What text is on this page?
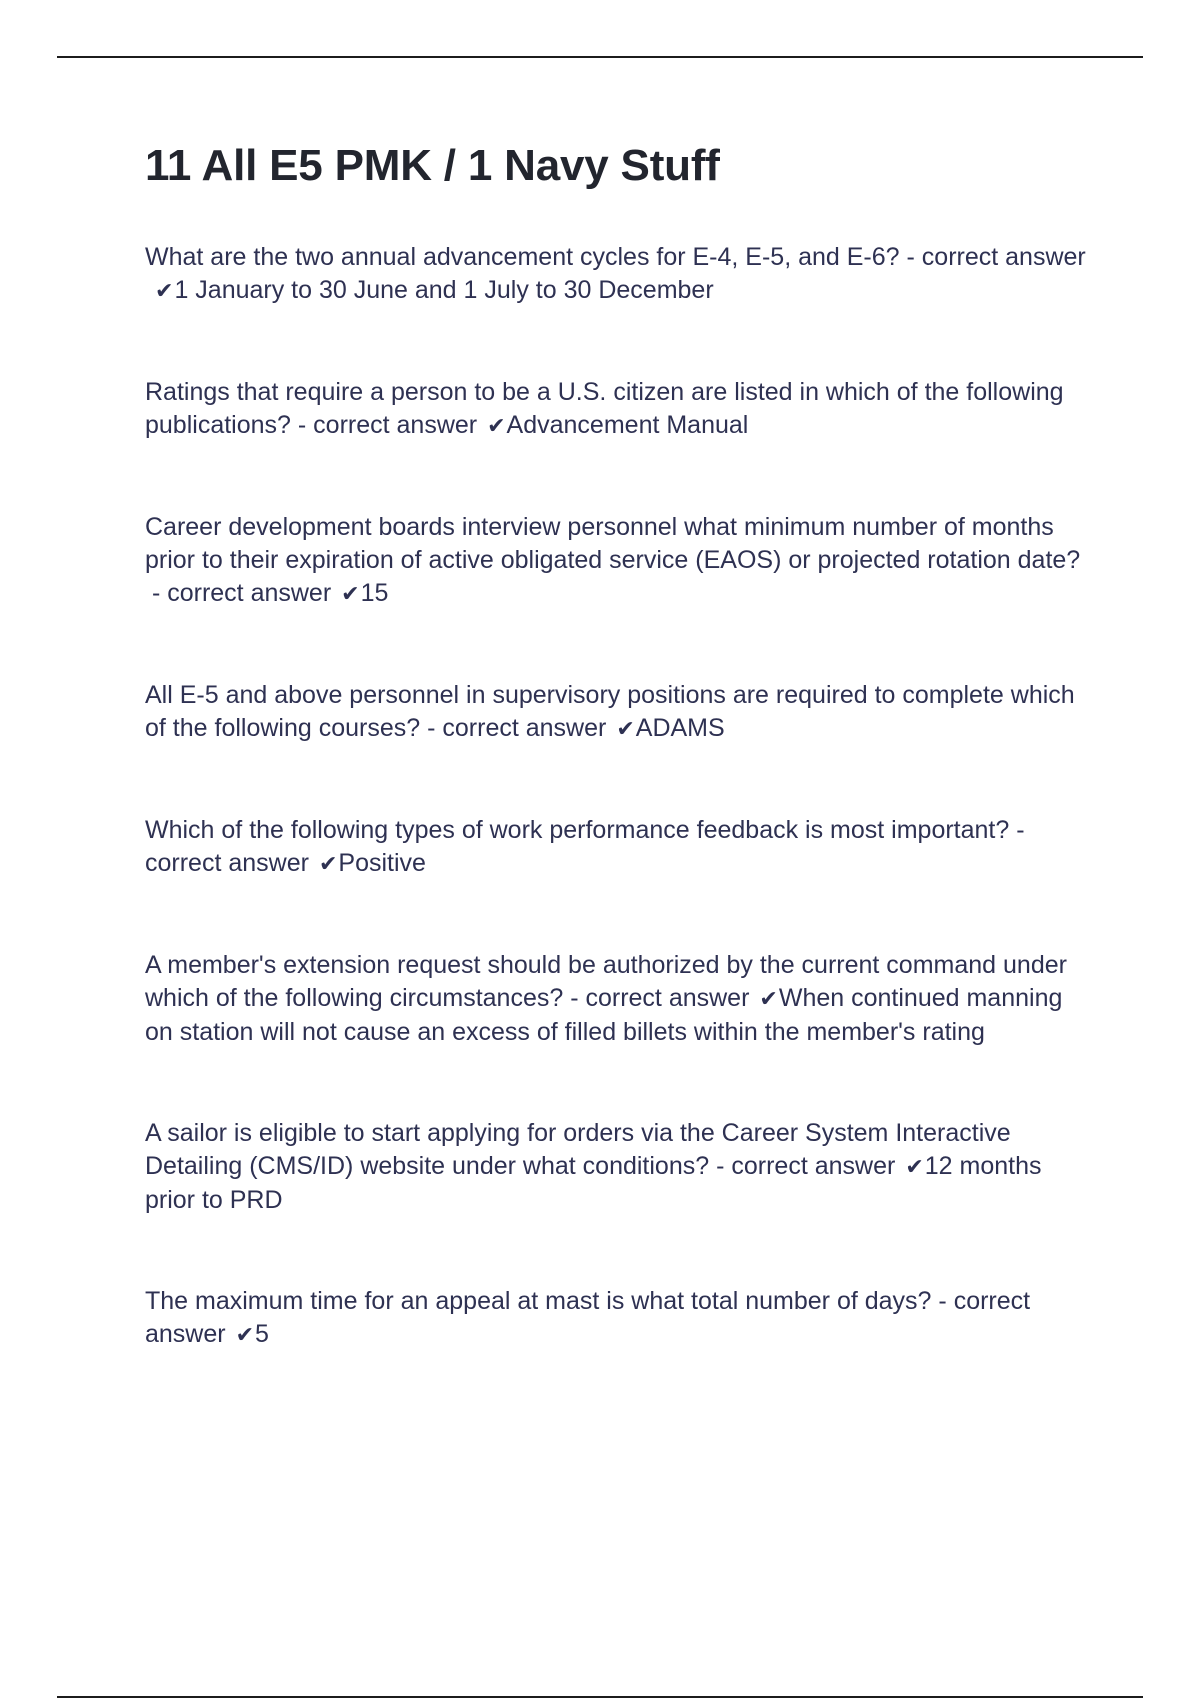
11 All E5 PMK / 1 Navy Stuff

What are the two annual advancement cycles for E-4, E-5, and E-6? - correct answer✔1 January to 30 June and 1 July to 30 December

Ratings that require a person to be a U.S. citizen are listed in which of the following publications? - correct answer ✔Advancement Manual

Career development boards interview personnel what minimum number of months prior to their expiration of active obligated service (EAOS) or projected rotation date? - correct answer ✔15

All E-5 and above personnel in supervisory positions are required to complete which of the following courses? - correct answer ✔ADAMS

Which of the following types of work performance feedback is most important? - correct answer ✔Positive

A member's extension request should be authorized by the current command under which of the following circumstances? - correct answer ✔When continued manning on station will not cause an excess of filled billets within the member's rating

A sailor is eligible to start applying for orders via the Career System Interactive Detailing (CMS/ID) website under what conditions? - correct answer ✔12 months prior to PRD

The maximum time for an appeal at mast is what total number of days? - correct answer ✔5
